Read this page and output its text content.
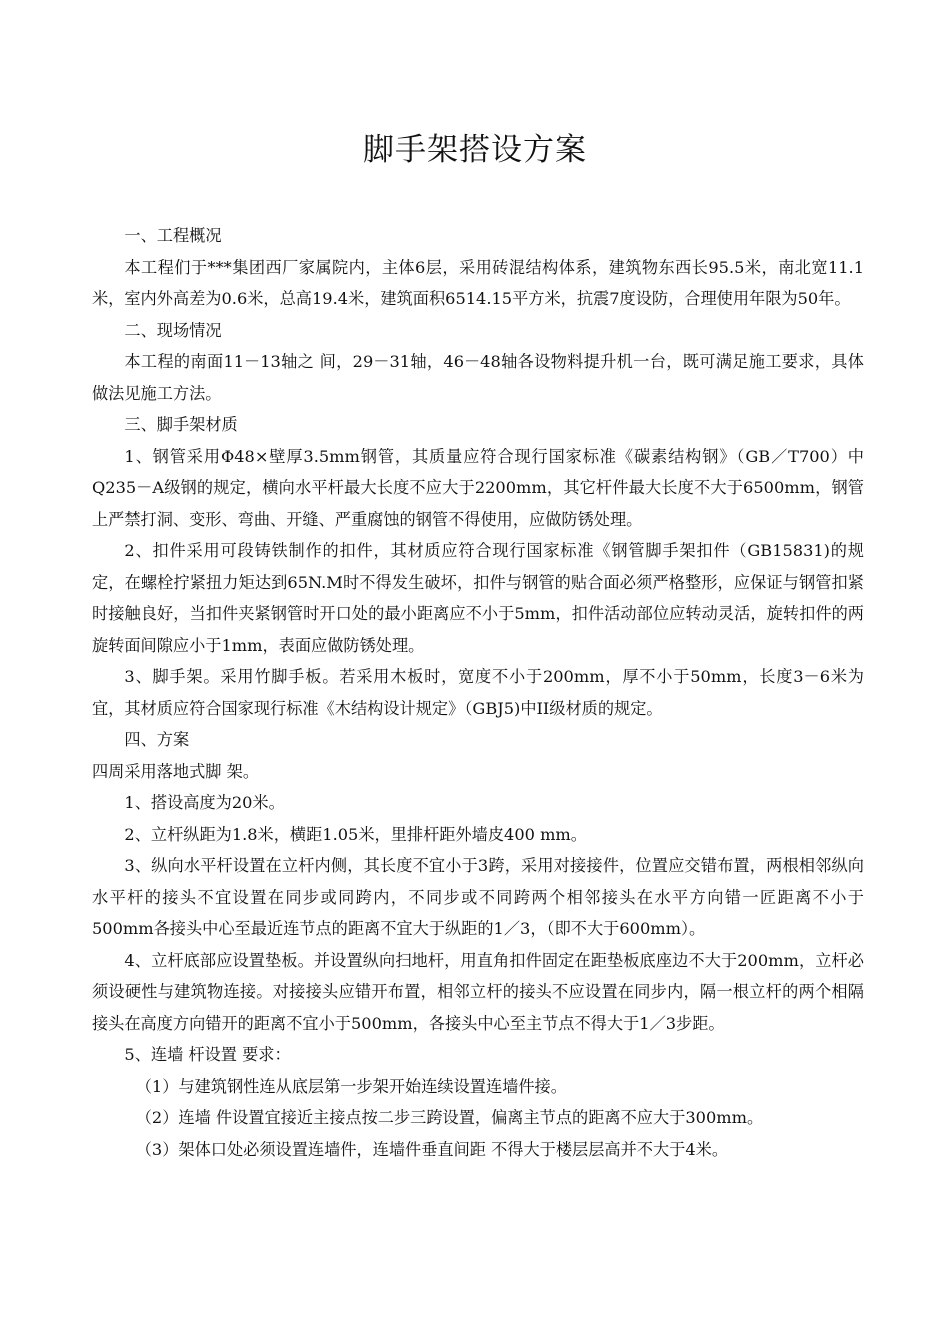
脚手架搭设方案

一、工程概况

本工程们于***集团西厂家属院内，主体6层，采用砖混结构体系，建筑物东西长95.5米，南北宽11.1米，室内外高差为0.6米，总高19.4米，建筑面积6514.15平方米，抗震7度设防，合理使用年限为50年。

二、现场情况

本工程的南面11－13轴之 间，29－31轴，46－48轴各设物料提升机一台，既可满足施工要求，具体做法见施工方法。

三、脚手架材质

1、钢管采用Φ48×壁厚3.5mm钢管，其质量应符合现行国家标准《碳素结构钢》（GB／T700）中Q235－A级钢的规定，横向水平杆最大长度不应大于2200mm，其它杆件最大长度不大于6500mm，钢管上严禁打洞、变形、弯曲、开缝、严重腐蚀的钢管不得使用，应做防锈处理。

2、扣件采用可段铸铁制作的扣件，其材质应符合现行国家标准《钢管脚手架扣件（GB15831)的规定，在螺栓拧紧扭力矩达到65N.M时不得发生破坏，扣件与钢管的贴合面必须严格整形，应保证与钢管扣紧时接触良好，当扣件夹紧钢管时开口处的最小距离应不小于5mm，扣件活动部位应转动灵活，旋转扣件的两旋转面间隙应小于1mm，表面应做防锈处理。

3、脚手架。采用竹脚手板。若采用木板时，宽度不小于200mm，厚不小于50mm，长度3－6米为宜，其材质应符合国家现行标准《木结构设计规定》（GBJ5)中II级材质的规定。

四、方案

四周采用落地式脚 架。

1、搭设高度为20米。

2、立杆纵距为1.8米，横距1.05米，里排杆距外墙皮400 mm。

3、纵向水平杆设置在立杆内侧，其长度不宜小于3跨，采用对接接件，位置应交错布置，两根相邻纵向水平杆的接头不宜设置在同步或同跨内，不同步或不同跨两个相邻接头在水平方向错一匠距离不小于500mm各接头中心至最近连节点的距离不宜大于纵距的1／3，（即不大于600mm）。

4、立杆底部应设置垫板。并设置纵向扫地杆，用直角扣件固定在距垫板底座边不大于200mm，立杆必须设硬性与建筑物连接。对接接头应错开布置，相邻立杆的接头不应设置在同步内，隔一根立杆的两个相隔接头在高度方向错开的距离不宜小于500mm，各接头中心至主节点不得大于1／3步距。

5、连墙 杆设置 要求：

（1）与建筑钢性连从底层第一步架开始连续设置连墙件接。

（2）连墙 件设置宜接近主接点按二步三跨设置，偏离主节点的距离不应大于300mm。

（3）架体口处必须设置连墙件，连墙件垂直间距 不得大于楼层层高并不大于4米。
